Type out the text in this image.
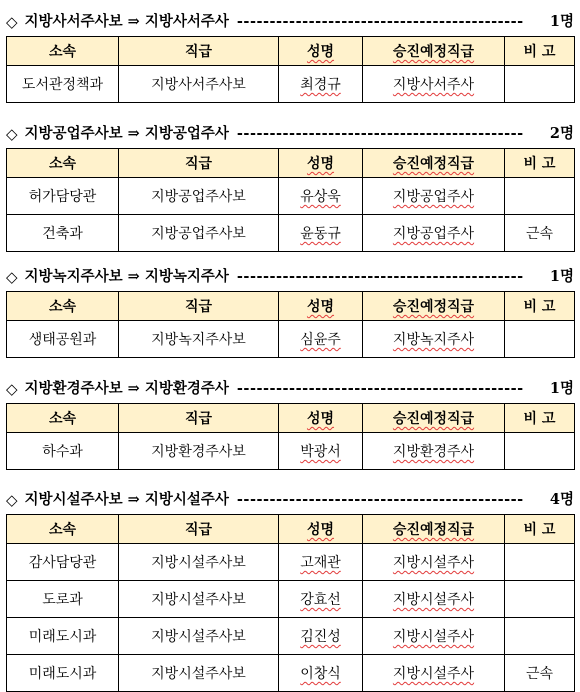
◇ 지방사서주사보 ⇒ 지방사서주사 --------------------------------------------	1명
소속	직급	성명	승진예정직급	비 고
도서관정책과	지방사서주사보	최경규	지방사서주사	
◇ 지방공업주사보 ⇒ 지방공업주사 --------------------------------------------	2명
소속	직급	성명	승진예정직급	비 고
허가담당관	지방공업주사보	유상욱	지방공업주사	
건축과	지방공업주사보	윤동규	지방공업주사	근속
◇ 지방녹지주사보 ⇒ 지방녹지주사 --------------------------------------------	1명
소속	직급	성명	승진예정직급	비 고
생태공원과	지방녹지주사보	심윤주	지방녹지주사	
◇ 지방환경주사보 ⇒ 지방환경주사 --------------------------------------------	1명
소속	직급	성명	승진예정직급	비 고
하수과	지방환경주사보	박광서	지방환경주사	
◇ 지방시설주사보 ⇒ 지방시설주사 --------------------------------------------	4명
소속	직급	성명	승진예정직급	비 고
감사담당관	지방시설주사보	고재관	지방시설주사	
도로과	지방시설주사보	강효선	지방시설주사	
미래도시과	지방시설주사보	김진성	지방시설주사	
미래도시과	지방시설주사보	이창식	지방시설주사	근속
